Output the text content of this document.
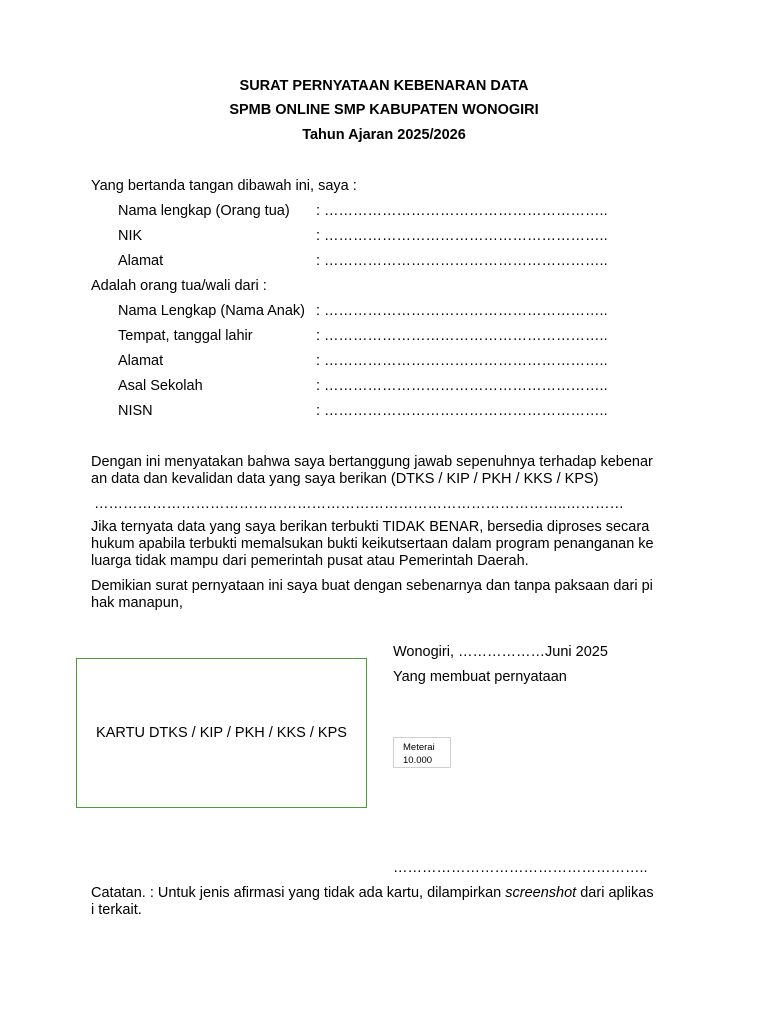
SURAT PERNYATAAN KEBENARAN DATA
SPMB ONLINE SMP KABUPATEN WONOGIRI
Tahun Ajaran 2025/2026
Yang bertanda tangan dibawah ini, saya :
Nama lengkap (Orang tua) : …………………………………………………..
NIK	: …………………………………………………..
Alamat	: …………………………………………………..
Adalah orang tua/wali dari :
Nama Lengkap (Nama Anak) : …………………………………………………..
Tempat, tanggal lahir	: …………………………………………………..
Alamat	: …………………………………………………..
Asal Sekolah	: …………………………………………………..
NISN	: …………………………………………………..
Dengan ini menyatakan bahwa saya bertanggung jawab sepenuhnya terhadap kebenar
an data dan kevalidan data yang saya berikan (DTKS / KIP / PKH / KKS / KPS)
……………………………………………………………………………………..…………
Jika ternyata data yang saya berikan terbukti TIDAK BENAR, bersedia diproses secara
hukum apabila terbukti memalsukan bukti keikutsertaan dalam program penanganan ke
luarga tidak mampu dari pemerintah pusat atau Pemerintah Daerah.
Demikian surat pernyataan ini saya buat dengan sebenarnya dan tanpa paksaan dari pi
hak manapun,
Wonogiri, ………………Juni 2025
Yang membuat pernyataan
KARTU DTKS / KIP / PKH / KKS / KPS
Meterai
10.000
……………………………………………..
Catatan. : Untuk jenis afirmasi yang tidak ada kartu, dilampirkan screenshot dari aplikas
i terkait.
